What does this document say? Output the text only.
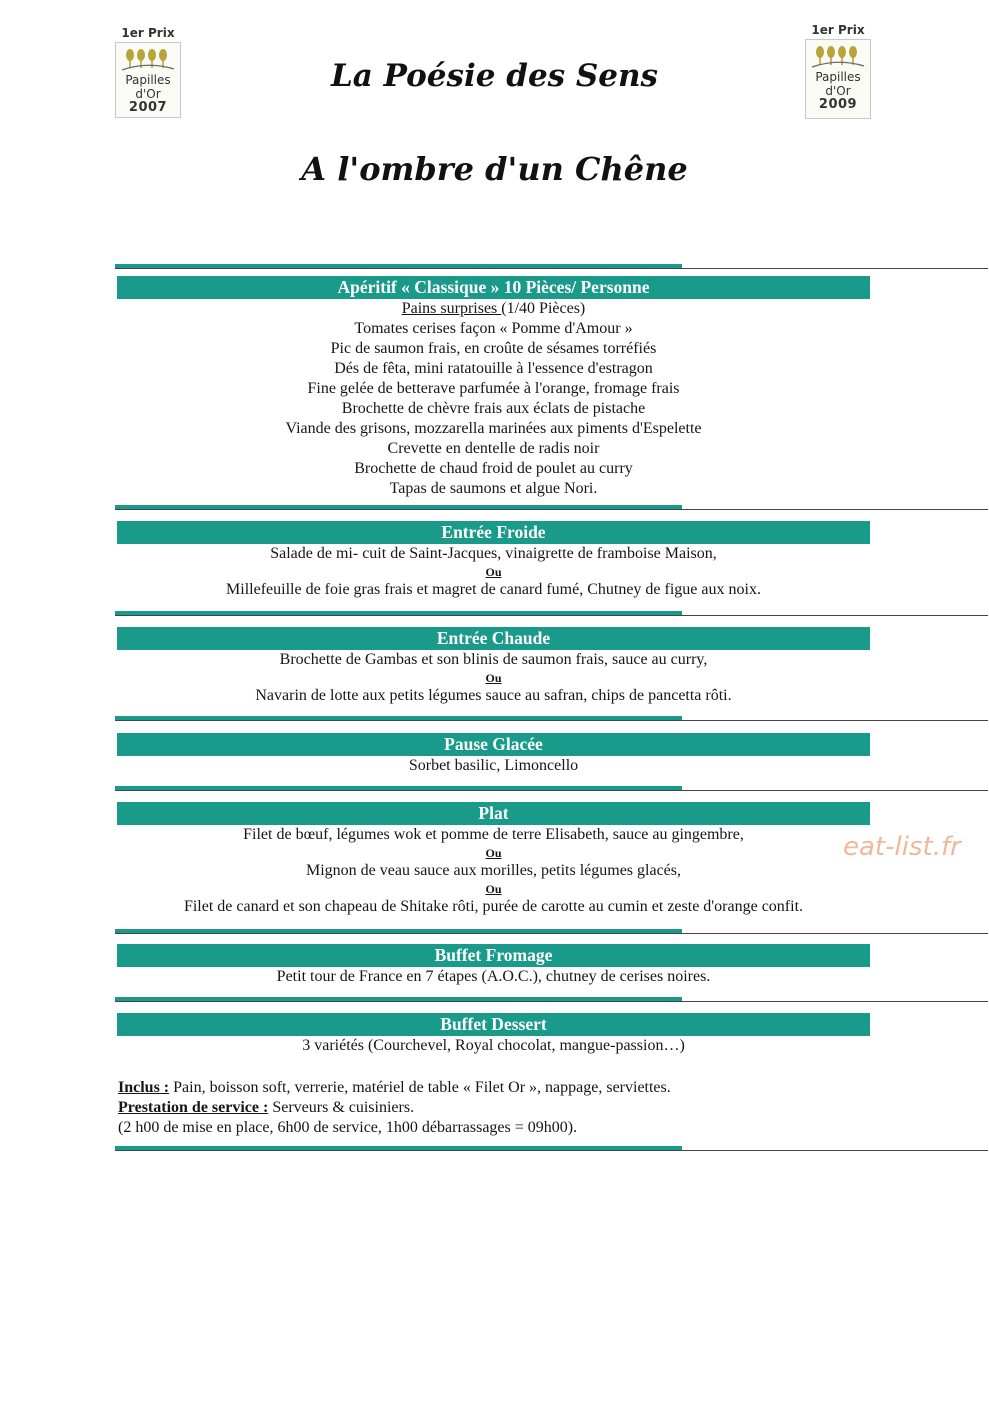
1er Prix
Papilles
d'Or
2007
1er Prix
Papilles
d'Or
2009
La Poésie des Sens
A l'ombre d'un Chêne
Apéritif « Classique » 10 Pièces/ Personne
Pains surprises (1/40 Pièces)
Tomates cerises façon « Pomme d'Amour »
Pic de saumon frais, en croûte de sésames torréfiés
Dés de fêta, mini ratatouille à l'essence d'estragon
Fine gelée de betterave parfumée à l'orange, fromage frais
Brochette de chèvre frais aux éclats de pistache
Viande des grisons, mozzarella marinées aux piments d'Espelette
Crevette en dentelle de radis noir
Brochette de chaud froid de poulet au curry
Tapas de saumons et algue Nori.
Entrée Froide
Salade de mi- cuit de Saint-Jacques, vinaigrette de framboise Maison,
Ou
Millefeuille de foie gras frais et magret de canard fumé, Chutney de figue aux noix.
Entrée Chaude
Brochette de Gambas et son blinis de saumon frais, sauce au curry,
Ou
Navarin de lotte aux petits légumes sauce au safran, chips de pancetta rôti.
Pause Glacée
Sorbet basilic, Limoncello
Plat
Filet de bœuf, légumes wok et pomme de terre Elisabeth, sauce au gingembre,
Ou
Mignon de veau sauce aux morilles, petits légumes glacés,
Ou
Filet de canard et son chapeau de Shitake rôti, purée de carotte au cumin et zeste d'orange confit.
Buffet Fromage
Petit tour de France en 7 étapes (A.O.C.), chutney de cerises noires.
Buffet Dessert
3 variétés (Courchevel, Royal chocolat, mangue-passion…)
Inclus : Pain, boisson soft, verrerie, matériel de table « Filet Or », nappage, serviettes.
Prestation de service : Serveurs & cuisiniers.
(2 h00 de mise en place, 6h00 de service, 1h00 débarrassages = 09h00).
eat-list.fr
